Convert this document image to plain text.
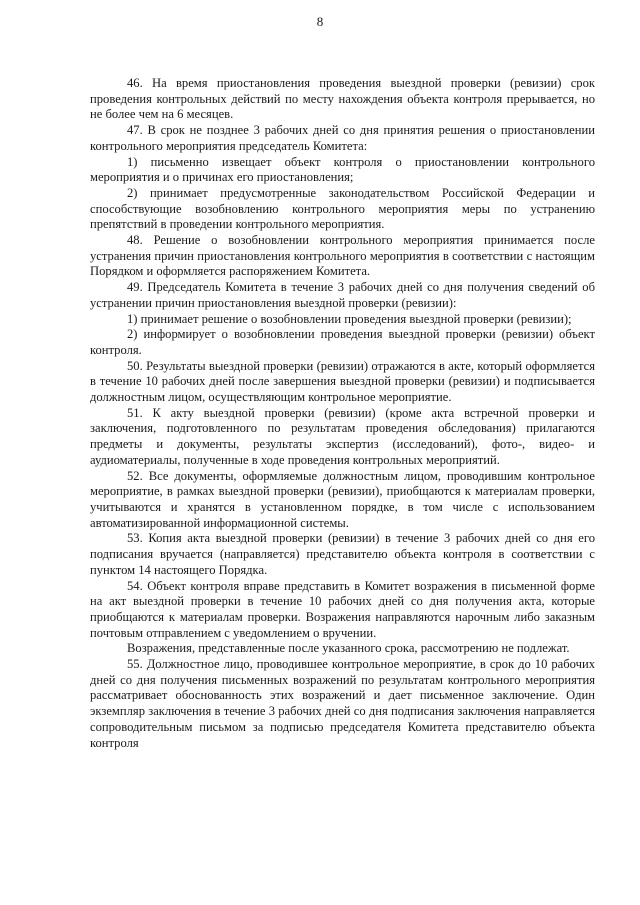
8

46. На время приостановления проведения выездной проверки (ревизии) срок проведения контрольных действий по месту нахождения объекта контроля прерывается, но не более чем на 6 месяцев.

47. В срок не позднее 3 рабочих дней со дня принятия решения о приостановлении контрольного мероприятия председатель Комитета:

1) письменно извещает объект контроля о приостановлении контрольного мероприятия и о причинах его приостановления;

2) принимает предусмотренные законодательством Российской Федерации и способствующие возобновлению контрольного мероприятия меры по устранению препятствий в проведении контрольного мероприятия.

48. Решение о возобновлении контрольного мероприятия принимается после устранения причин приостановления контрольного мероприятия в соответствии с настоящим Порядком и оформляется распоряжением Комитета.

49. Председатель Комитета в течение 3 рабочих дней со дня получения сведений об устранении причин приостановления выездной проверки (ревизии):

1) принимает решение о возобновлении проведения выездной проверки (ревизии);

2) информирует о возобновлении проведения выездной проверки (ревизии) объект контроля.

50. Результаты выездной проверки (ревизии) отражаются в акте, который оформляется в течение 10 рабочих дней после завершения выездной проверки (ревизии) и подписывается должностным лицом, осуществляющим контрольное мероприятие.

51. К акту выездной проверки (ревизии) (кроме акта встречной проверки и заключения, подготовленного по результатам проведения обследования) прилагаются предметы и документы, результаты экспертиз (исследований), фото-, видео- и аудиоматериалы, полученные в ходе проведения контрольных мероприятий.

52. Все документы, оформляемые должностным лицом, проводившим контрольное мероприятие, в рамках выездной проверки (ревизии), приобщаются к материалам проверки, учитываются и хранятся в установленном порядке, в том числе с использованием автоматизированной информационной системы.

53. Копия акта выездной проверки (ревизии) в течение 3 рабочих дней со дня его подписания вручается (направляется) представителю объекта контроля в соответствии с пунктом 14 настоящего Порядка.

54. Объект контроля вправе представить в Комитет возражения в письменной форме на акт выездной проверки в течение 10 рабочих дней со дня получения акта, которые приобщаются к материалам проверки. Возражения направляются нарочным либо заказным почтовым отправлением с уведомлением о вручении.

Возражения, представленные после указанного срока, рассмотрению не подлежат.

55. Должностное лицо, проводившее контрольное мероприятие, в срок до 10 рабочих дней со дня получения письменных возражений по результатам контрольного мероприятия рассматривает обоснованность этих возражений и дает письменное заключение. Один экземпляр заключения в течение 3 рабочих дней со дня подписания заключения направляется сопроводительным письмом за подписью председателя Комитета представителю объекта контроля
